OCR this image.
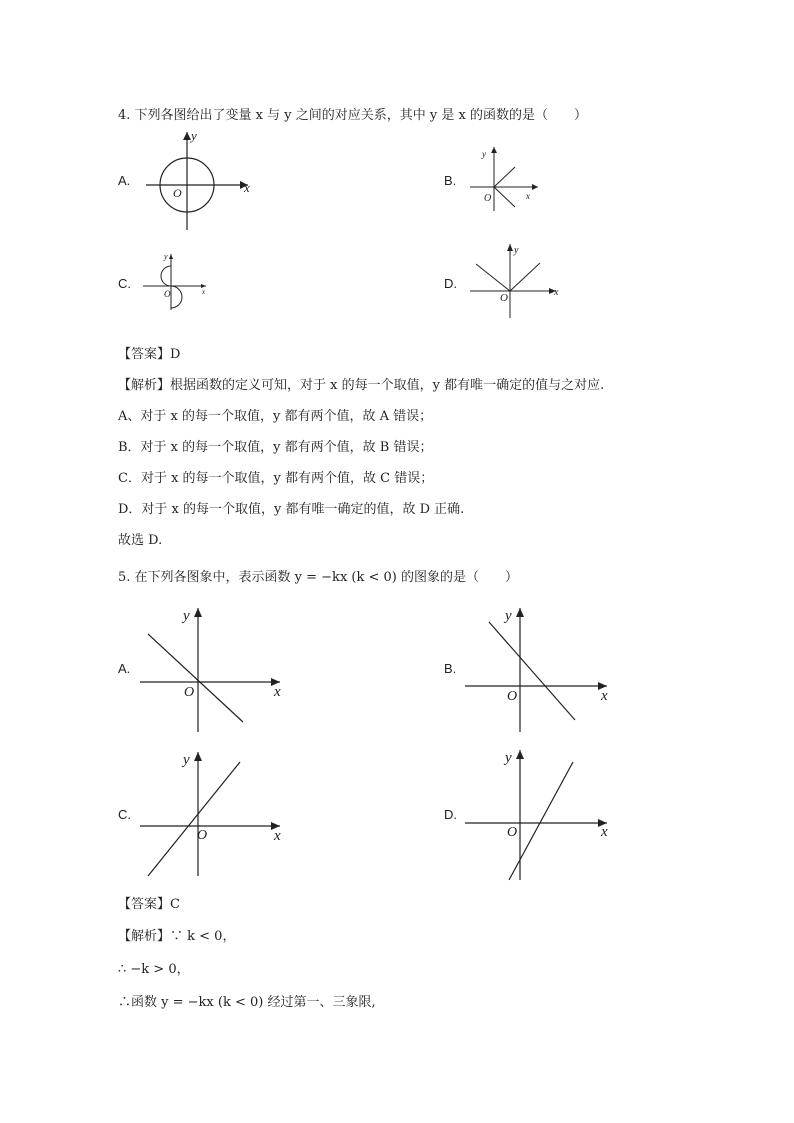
4. 下列各图给出了变量 x 与 y 之间的对应关系，其中 y 是 x 的函数的是（　　）
A.	x
y
O
B.
x
y
O
C.
x
y
O
D.
x
y
O
【答案】D
【解析】根据函数的定义可知，对于 x 的每一个取值，y 都有唯一确定的值与之对应.
A、对于 x 的每一个取值，y 都有两个值，故 A 错误；
B．对于 x 的每一个取值，y 都有两个值，故 B 错误；
C．对于 x 的每一个取值，y 都有两个值，故 C 错误；
D．对于 x 的每一个取值，y 都有唯一确定的值，故 D 正确.
故选 D.
5. 在下列各图象中，表示函数 y = −kx (k < 0) 的图象的是（　　）
A.
x
y
O
B.
x
y
O
C.
x
y
O
D.
x
y
O
【答案】C
【解析】∵ k < 0，
∴ −k > 0，
∴函数 y = −kx (k < 0) 经过第一、三象限,
